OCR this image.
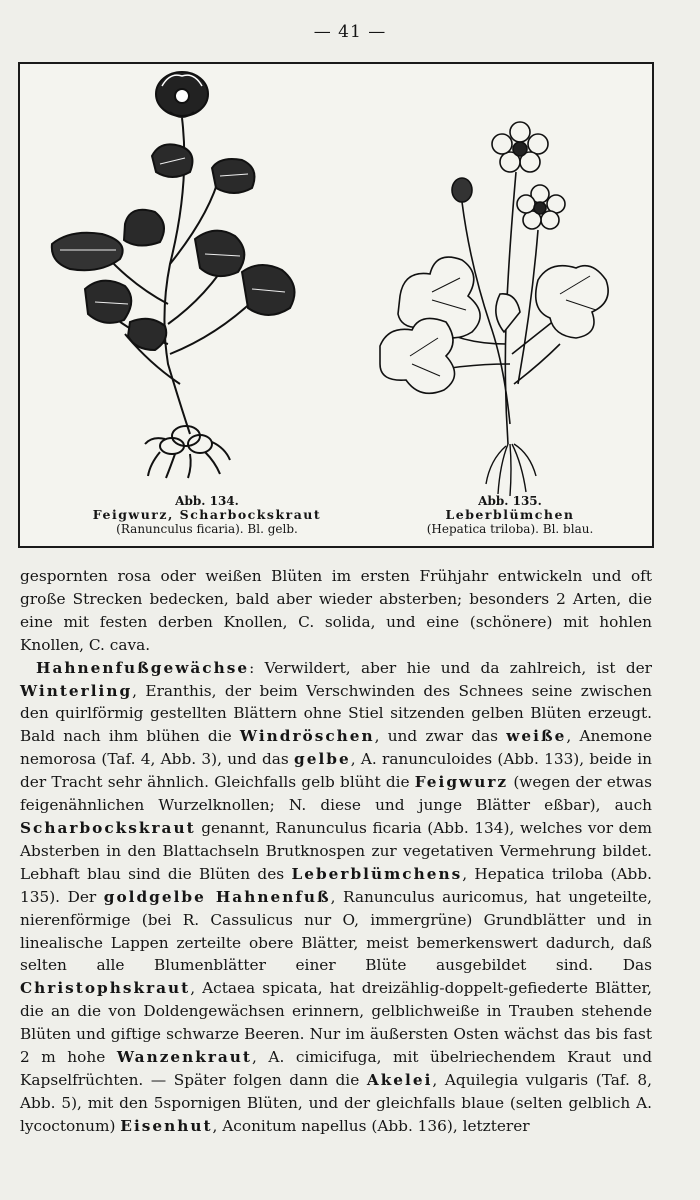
— 41 —
Abb. 134.
Feigwurz, Scharbockskraut
(Ranunculus ficaria). Bl. gelb.
Abb. 135.
Leberblümchen
(Hepatica triloba). Bl. blau.

gespornten rosa oder weißen Blüten im ersten Frühjahr entwickeln und oft große Strecken bedecken, bald aber wieder absterben; besonders 2 Arten, die eine mit festen derben Knollen, C. solida, und eine (schönere) mit hohlen Knollen, C. cava.

Hahnenfußgewächse: Verwildert, aber hie und da zahlreich, ist der Winterling, Eranthis, der beim Verschwinden des Schnees seine zwischen den quirlförmig gestellten Blättern ohne Stiel sitzenden gelben Blüten erzeugt. Bald nach ihm blühen die Windröschen, und zwar das weiße, Anemone nemorosa (Taf. 4, Abb. 3), und das gelbe, A. ranunculoides (Abb. 133), beide in der Tracht sehr ähnlich. Gleichfalls gelb blüht die Feigwurz (wegen der etwas feigenähnlichen Wurzelknollen; N. diese und junge Blätter eßbar), auch Scharbockskraut genannt, Ranunculus ficaria (Abb. 134), welches vor dem Absterben in den Blattachseln Brutknospen zur vegetativen Vermehrung bildet. Lebhaft blau sind die Blüten des Leberblümchens, Hepatica triloba (Abb. 135). Der goldgelbe Hahnenfuß, Ranunculus auricomus, hat ungeteilte, nierenförmige (bei R. Cassulicus nur O, immergrüne) Grundblätter und in linealische Lappen zerteilte obere Blätter, meist bemerkenswert dadurch, daß selten alle Blumenblätter einer Blüte ausgebildet sind. Das Christophskraut, Actaea spicata, hat dreizählig-doppelt-gefiederte Blätter, die an die von Doldengewächsen erinnern, gelblichweiße in Trauben stehende Blüten und giftige schwarze Beeren. Nur im äußersten Osten wächst das bis fast 2 m hohe Wanzenkraut, A. cimicifuga, mit übelriechendem Kraut und Kapselfrüchten. — Später folgen dann die Akelei, Aquilegia vulgaris (Taf. 8, Abb. 5), mit den 5spornigen Blüten, und der gleichfalls blaue (selten gelblich A. lycoctonum) Eisenhut, Aconitum napellus (Abb. 136), letzterer
